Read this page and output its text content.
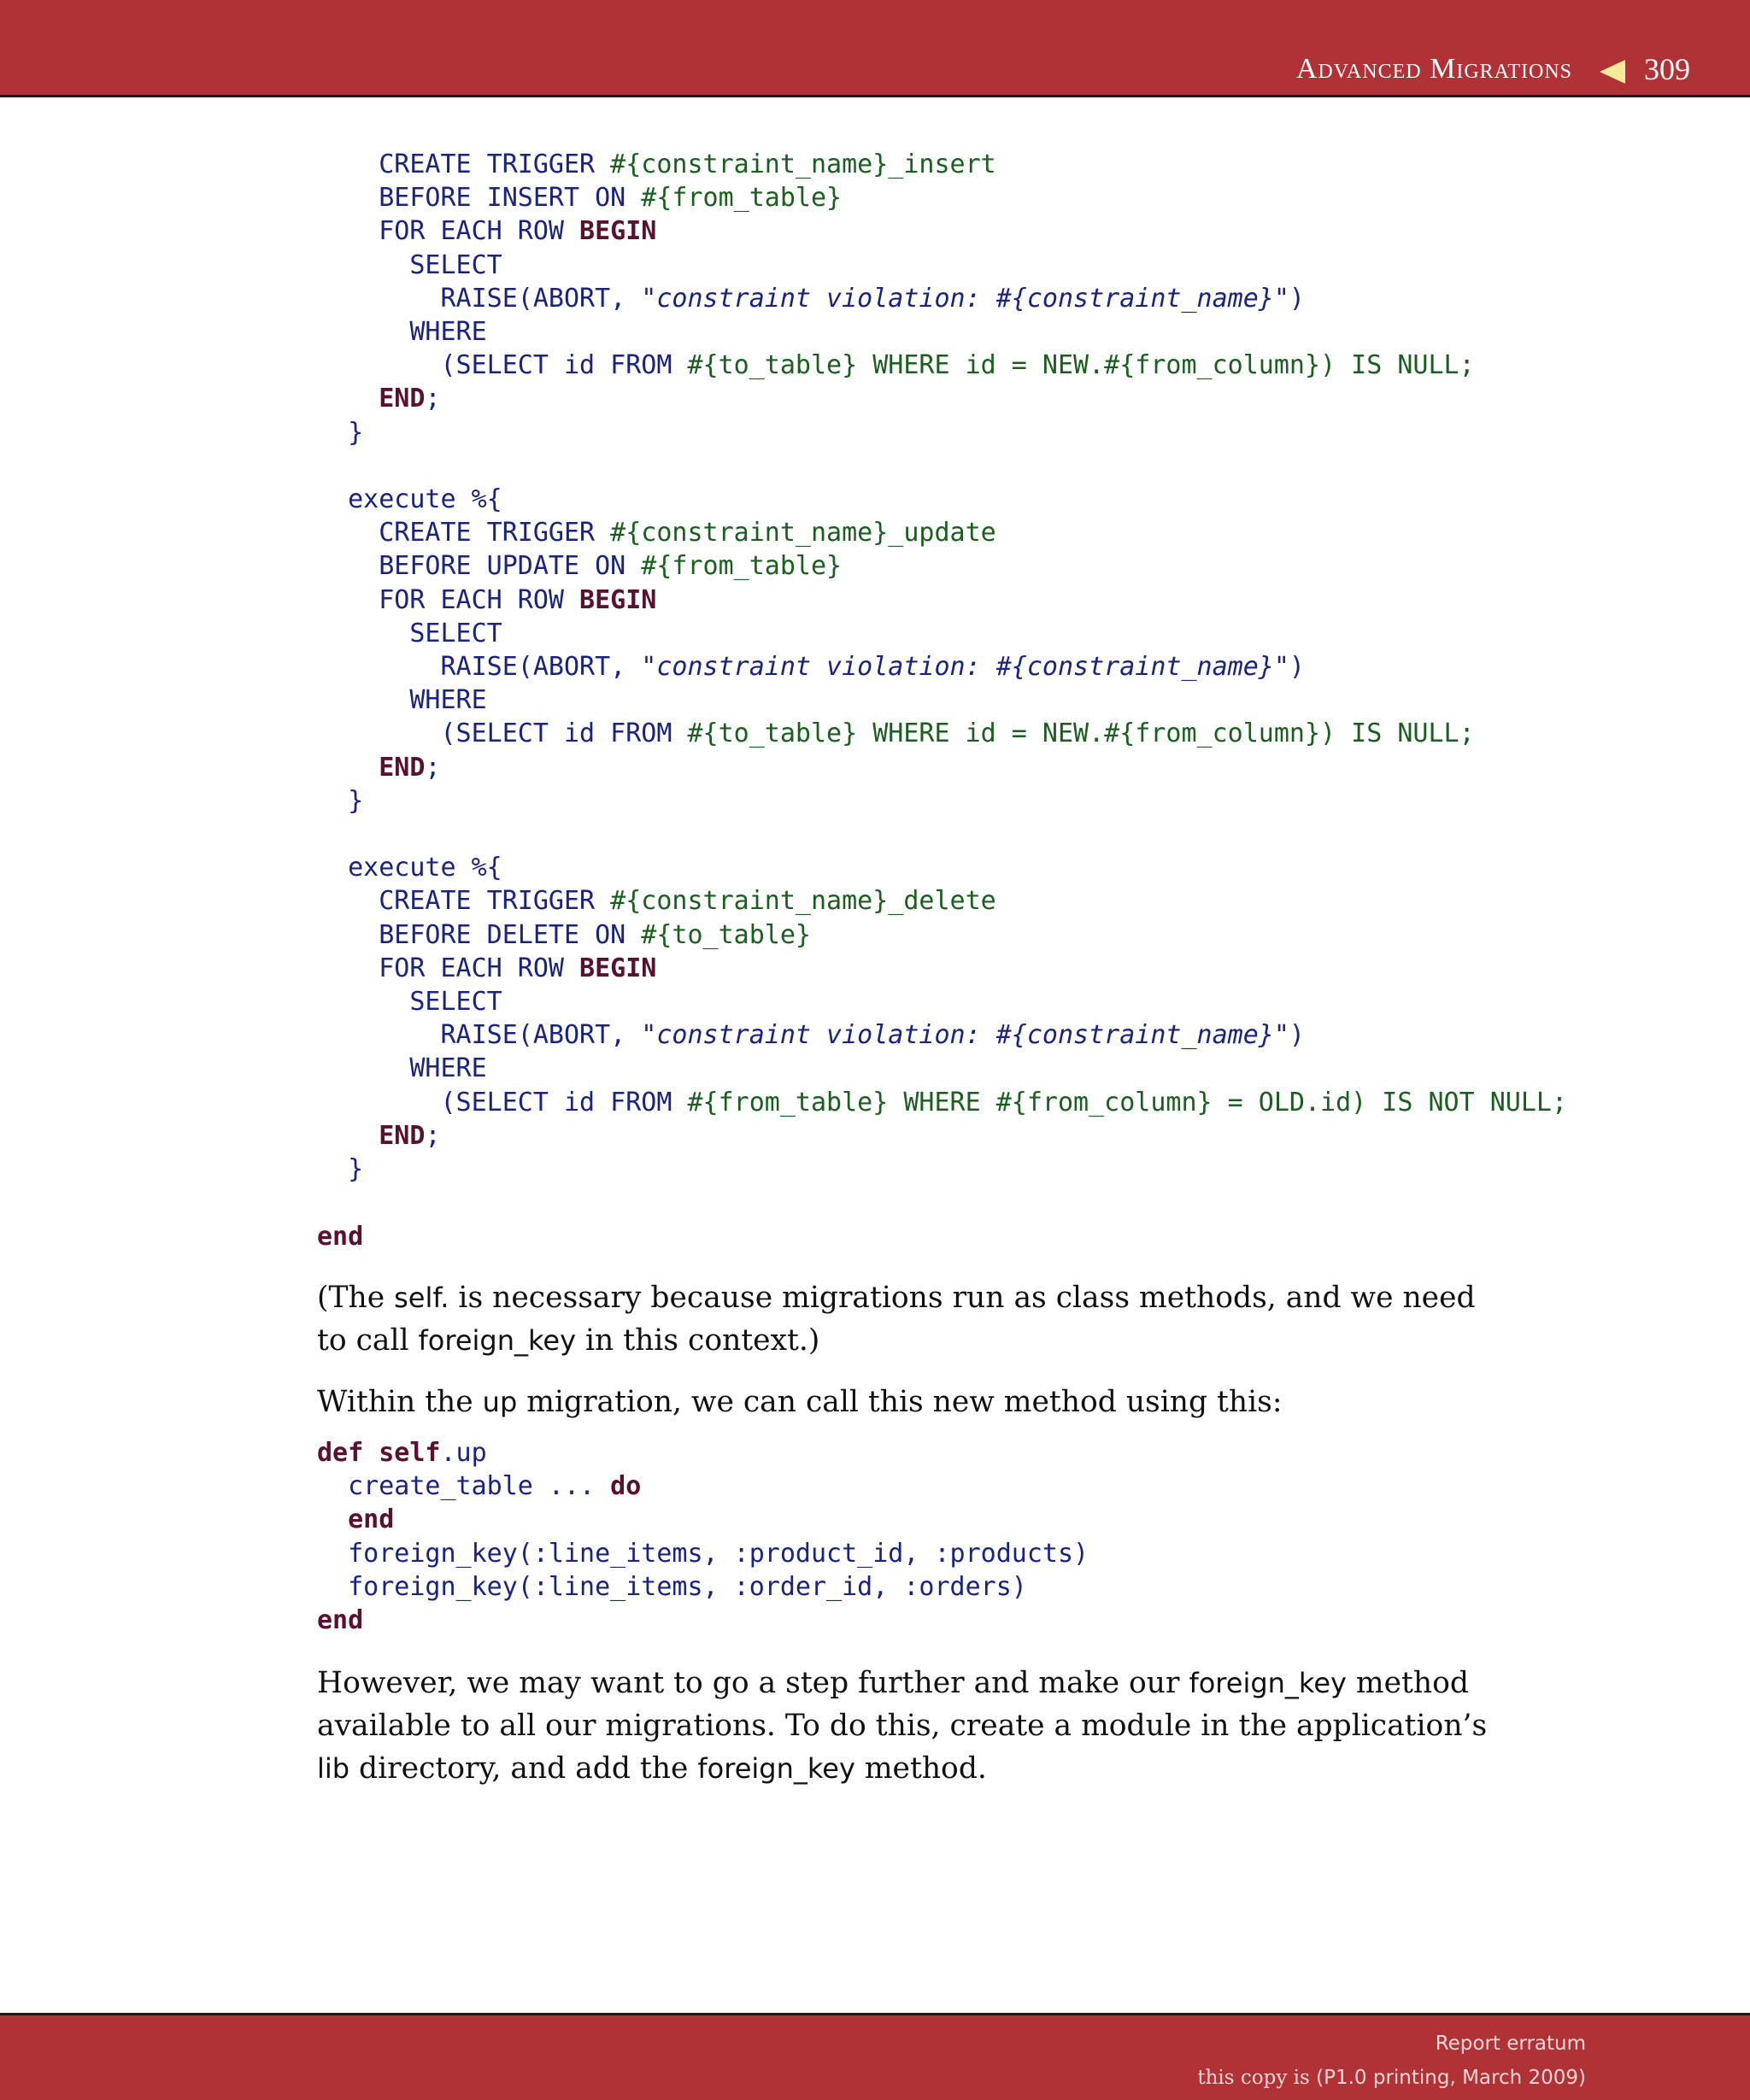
Advanced Migrations 309
CREATE TRIGGER #{constraint_name}_insert
BEFORE INSERT ON #{from_table}
FOR EACH ROW BEGIN
SELECT
RAISE(ABORT, "constraint violation: #{constraint_name}")
WHERE
(SELECT id FROM #{to_table} WHERE id = NEW.#{from_column}) IS NULL;
END;
}

execute %{
CREATE TRIGGER #{constraint_name}_update
BEFORE UPDATE ON #{from_table}
FOR EACH ROW BEGIN
SELECT
RAISE(ABORT, "constraint violation: #{constraint_name}")
WHERE
(SELECT id FROM #{to_table} WHERE id = NEW.#{from_column}) IS NULL;
END;
}

execute %{
CREATE TRIGGER #{constraint_name}_delete
BEFORE DELETE ON #{to_table}
FOR EACH ROW BEGIN
SELECT
RAISE(ABORT, "constraint violation: #{constraint_name}")
WHERE
(SELECT id FROM #{from_table} WHERE #{from_column} = OLD.id) IS NOT NULL;
END;
}

end

(The self. is necessary because migrations run as class methods, and we need to call foreign_key in this context.)

Within the up migration, we can call this new method using this:

def self.up
create_table ... do
end
foreign_key(:line_items, :product_id, :products)
foreign_key(:line_items, :order_id, :orders)
end

However, we may want to go a step further and make our foreign_key method available to all our migrations. To do this, create a module in the application’s lib directory, and add the foreign_key method.

Report erratum
this copy is (P1.0 printing, March 2009)
